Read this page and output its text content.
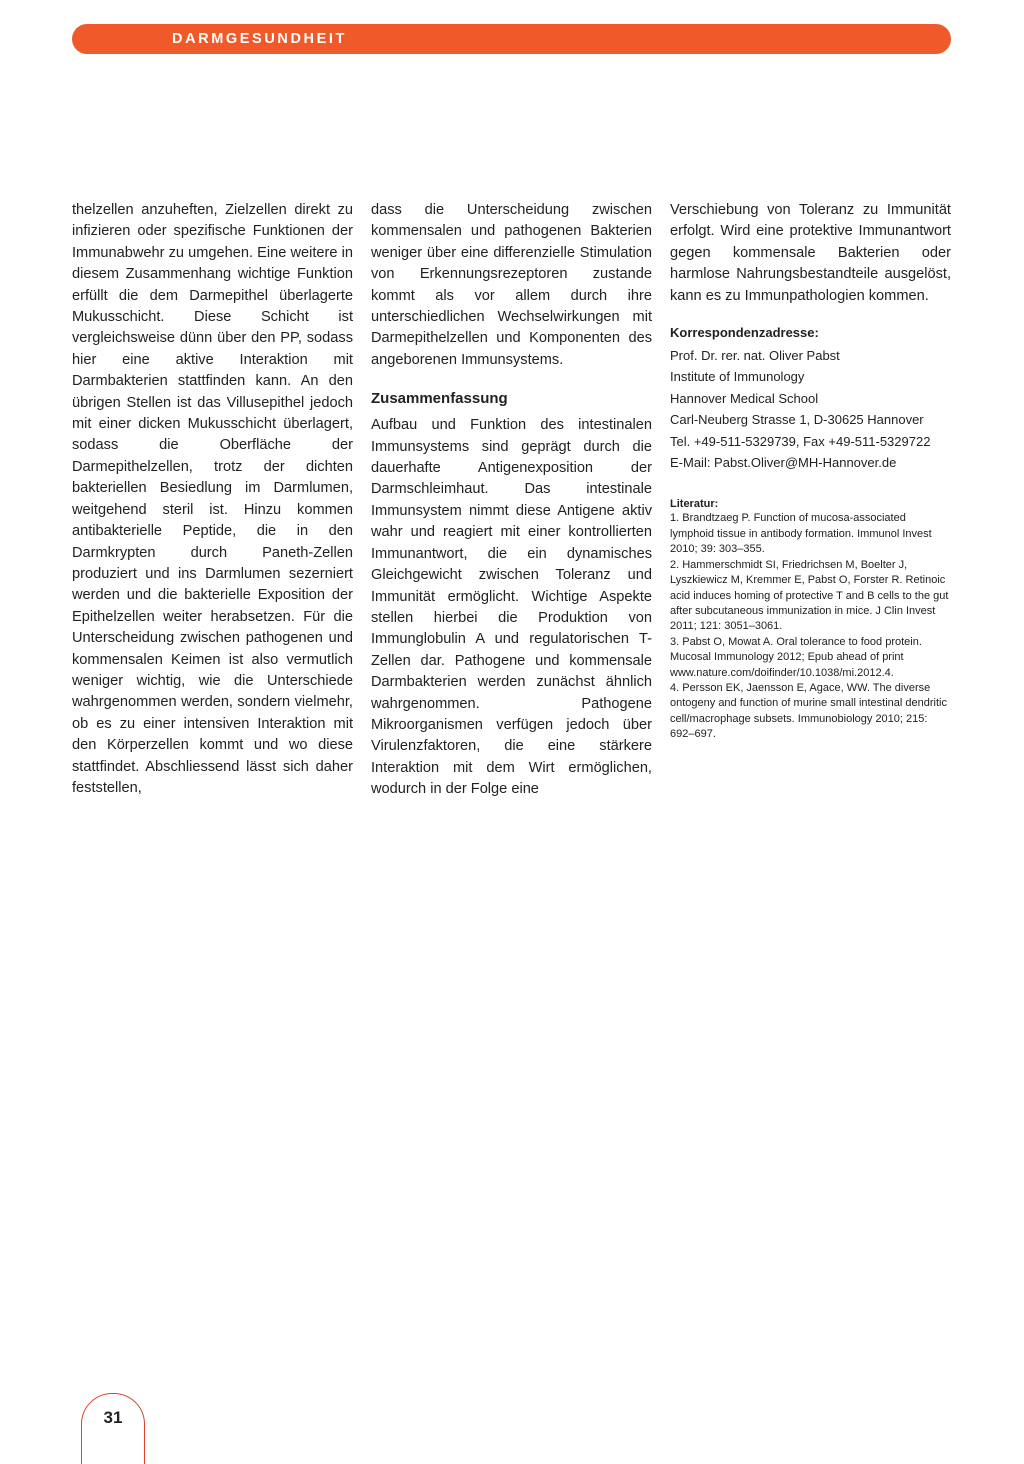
DARMGESUNDHEIT

thelzellen anzuheften, Zielzellen direkt zu infizieren oder spezifische Funktionen der Immunabwehr zu umgehen. Eine weitere in diesem Zusammenhang wichtige Funktion erfüllt die dem Darmepithel überlagerte Mukusschicht. Diese Schicht ist vergleichsweise dünn über den PP, sodass hier eine aktive Interaktion mit Darmbakterien stattfinden kann. An den übrigen Stellen ist das Villusepithel jedoch mit einer dicken Mukusschicht überlagert, sodass die Oberfläche der Darmepithelzellen, trotz der dichten bakteriellen Besiedlung im Darmlumen, weitgehend steril ist. Hinzu kommen antibakterielle Peptide, die in den Darmkrypten durch Paneth-Zellen produziert und ins Darmlumen sezerniert werden und die bakterielle Exposition der Epithelzellen weiter herabsetzen. Für die Unterscheidung zwischen pathogenen und kommensalen Keimen ist also vermutlich weniger wichtig, wie die Unterschiede wahrgenommen werden, sondern vielmehr, ob es zu einer intensiven Interaktion mit den Körperzellen kommt und wo diese stattfindet. Abschliessend lässt sich daher feststellen,

dass die Unterscheidung zwischen kommensalen und pathogenen Bakterien weniger über eine differenzielle Stimulation von Erkennungsrezeptoren zustande kommt als vor allem durch ihre unterschiedlichen Wechselwirkungen mit Darmepithelzellen und Komponenten des angeborenen Immunsystems.

Zusammenfassung

Aufbau und Funktion des intestinalen Immunsystems sind geprägt durch die dauerhafte Antigenexposition der Darmschleimhaut. Das intestinale Immunsystem nimmt diese Antigene aktiv wahr und reagiert mit einer kontrollierten Immunantwort, die ein dynamisches Gleichgewicht zwischen Toleranz und Immunität ermöglicht. Wichtige Aspekte stellen hierbei die Produktion von Immunglobulin A und regulatorischen T-Zellen dar. Pathogene und kommensale Darmbakterien werden zunächst ähnlich wahrgenommen. Pathogene Mikroorganismen verfügen jedoch über Virulenzfaktoren, die eine stärkere Interaktion mit dem Wirt ermöglichen, wodurch in der Folge eine

Verschiebung von Toleranz zu Immunität erfolgt. Wird eine protektive Immunantwort gegen kommensale Bakterien oder harmlose Nahrungsbestandteile ausgelöst, kann es zu Immunpathologien kommen.

Korrespondenzadresse:
Prof. Dr. rer. nat. Oliver Pabst
Institute of Immunology
Hannover Medical School
Carl-Neuberg Strasse 1, D-30625 Hannover
Tel. +49-511-5329739, Fax +49-511-5329722
E-Mail: Pabst.Oliver@MH-Hannover.de
Literatur:
1. Brandtzaeg P. Function of mucosa-associated lymphoid tissue in antibody formation. Immunol Invest 2010; 39: 303–355.
2. Hammerschmidt SI, Friedrichsen M, Boelter J, Lyszkiewicz M, Kremmer E, Pabst O, Forster R. Retinoic acid induces homing of protective T and B cells to the gut after subcutaneous immunization in mice. J Clin Invest 2011; 121: 3051–3061.
3. Pabst O, Mowat A. Oral tolerance to food protein. Mucosal Immunology 2012; Epub ahead of print www.nature.com/doifinder/10.1038/mi.2012.4.
4. Persson EK, Jaensson E, Agace, WW. The diverse ontogeny and function of murine small intestinal dendritic cell/macrophage subsets. Immunobiology 2010; 215: 692–697.
31
